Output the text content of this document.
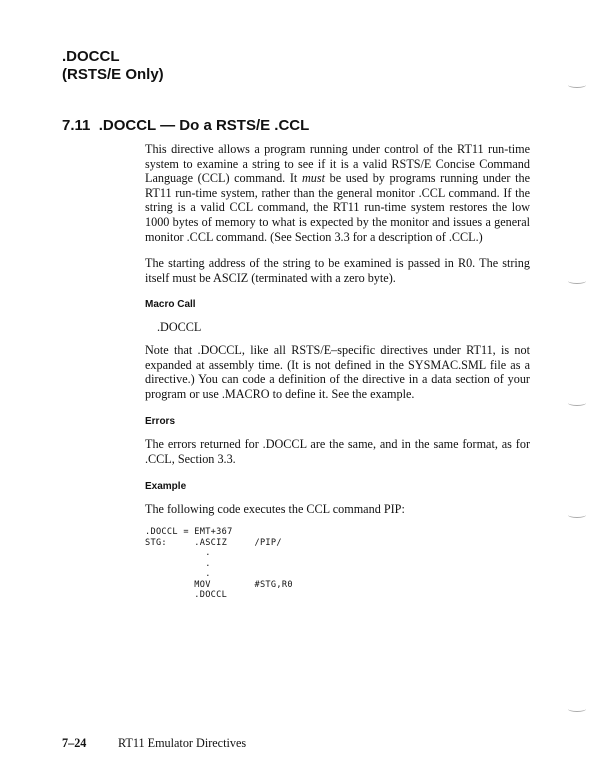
.DOCCL
(RSTS/E Only)
7.11 .DOCCL — Do a RSTS/E .CCL

This directive allows a program running under control of the RT11 run-time system to examine a string to see if it is a valid RSTS/E Concise Command Language (CCL) command. It must be used by programs running under the RT11 run-time system, rather than the general monitor .CCL command. If the string is a valid CCL command, the RT11 run-time system restores the low 1000 bytes of memory to what is expected by the monitor and issues a general monitor .CCL command. (See Section 3.3 for a description of .CCL.)

The starting address of the string to be examined is passed in R0. The string itself must be ASCIZ (terminated with a zero byte).

Macro Call
.DOCCL

Note that .DOCCL, like all RSTS/E–specific directives under RT11, is not expanded at assembly time. (It is not defined in the SYSMAC.SML file as a directive.) You can code a definition of the directive in a data section of your program or use .MACRO to define it. See the example.

Errors

The errors returned for .DOCCL are the same, and in the same format, as for .CCL, Section 3.3.

Example

The following code executes the CCL command PIP:

.DOCCL = EMT+367
STG:     .ASCIZ     /PIP/
.
.
.
MOV        #STG,R0
.DOCCL
7–24	RT11 Emulator Directives
